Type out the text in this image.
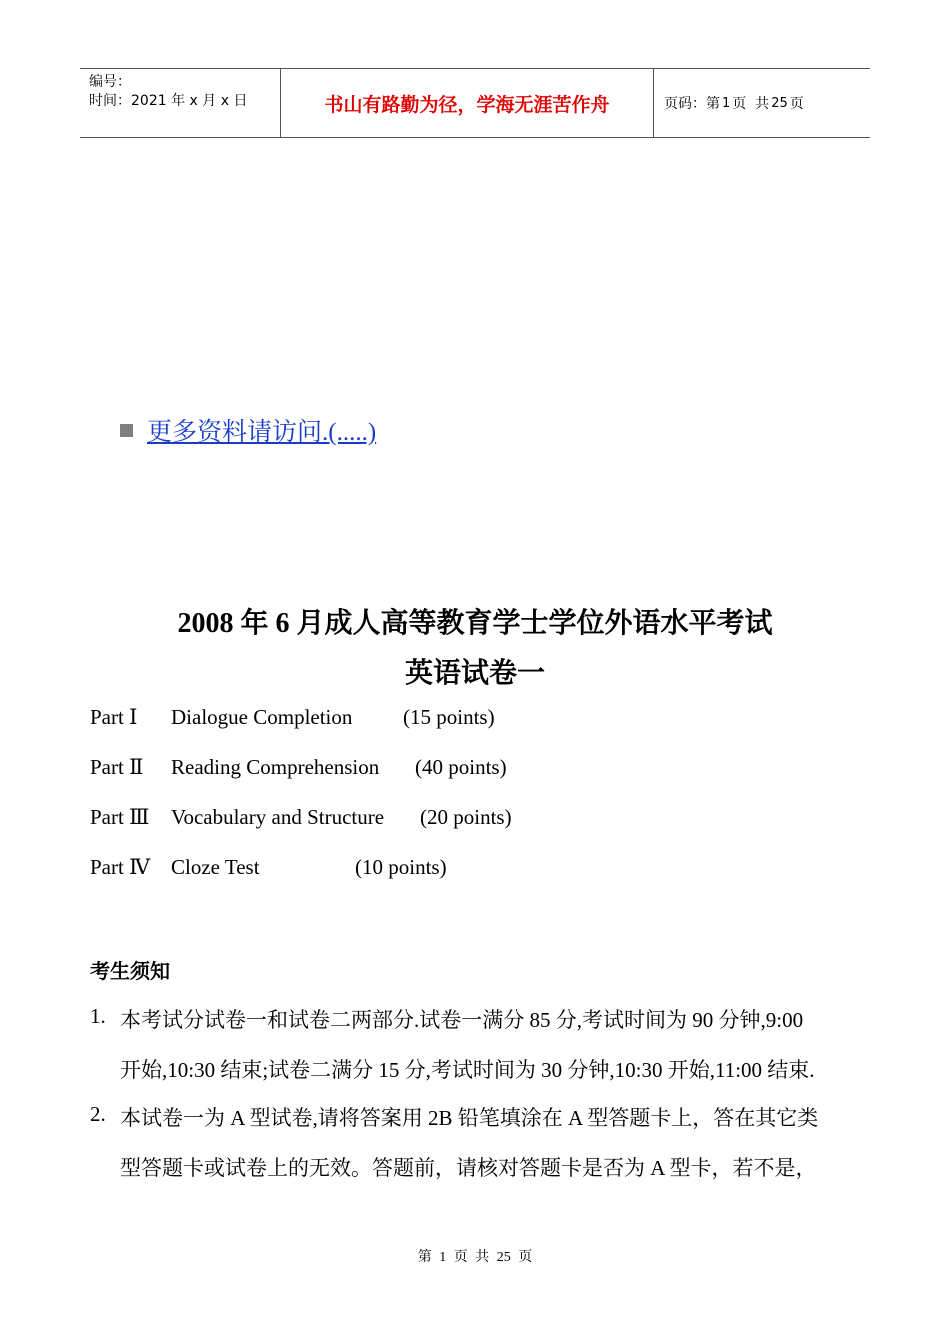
编号：
时间：2021 年 x 月 x 日	书山有路勤为径，学海无涯苦作舟	页码：第 1 页  共 25 页
更多资料请访问.(.....)
2008 年 6 月成人高等教育学士学位外语水平考试
英语试卷一
Part Ⅰ Dialogue Completion (15 points)
Part Ⅱ Reading Comprehension (40 points)
Part Ⅲ Vocabulary and Structure (20 points)
Part Ⅳ Cloze Test	(10 points)
考生须知
1. 本考试分试卷一和试卷二两部分.试卷一满分 85 分,考试时间为 90 分钟,9:00
开始,10:30 结束;试卷二满分 15 分,考试时间为 30 分钟,10:30 开始,11:00 结束.
2. 本试卷一为 A 型试卷,请将答案用 2B 铅笔填涂在 A 型答题卡上，答在其它类
型答题卡或试卷上的无效。答题前，请核对答题卡是否为 A 型卡，若不是，
第 1 页 共 25 页
